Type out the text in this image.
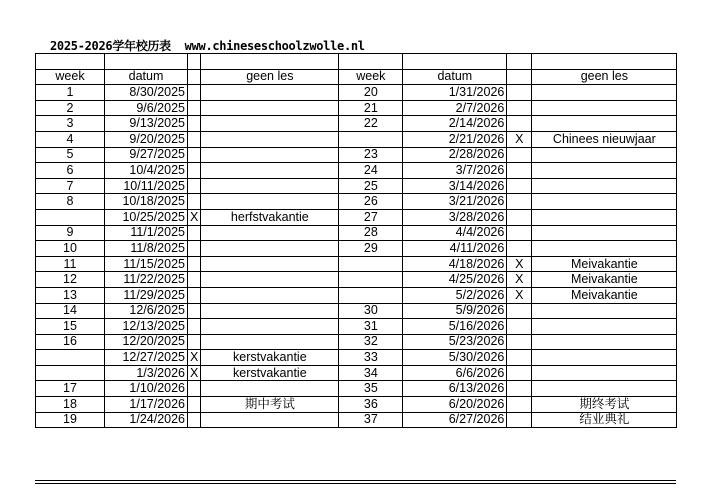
2025-2026学年校历表  www.chineseschoolzwolle.nl

week	datum		geen les	week	datum		geen les
1	8/30/2025			20	1/31/2026		
2	9/6/2025			21	2/7/2026		
3	9/13/2025			22	2/14/2026		
4	9/20/2025				2/21/2026	X	Chinees nieuwjaar
5	9/27/2025			23	2/28/2026		
6	10/4/2025			24	3/7/2026		
7	10/11/2025			25	3/14/2026		
8	10/18/2025			26	3/21/2026		
	10/25/2025	X	herfstvakantie	27	3/28/2026		
9	11/1/2025			28	4/4/2026		
10	11/8/2025			29	4/11/2026		
11	11/15/2025				4/18/2026	X	Meivakantie
12	11/22/2025				4/25/2026	X	Meivakantie
13	11/29/2025				5/2/2026	X	Meivakantie
14	12/6/2025			30	5/9/2026		
15	12/13/2025			31	5/16/2026		
16	12/20/2025			32	5/23/2026		
	12/27/2025	X	kerstvakantie	33	5/30/2026		
	1/3/2026	X	kerstvakantie	34	6/6/2026		
17	1/10/2026			35	6/13/2026		
18	1/17/2026		期中考试	36	6/20/2026		期终考试
19	1/24/2026			37	6/27/2026		结业典礼
